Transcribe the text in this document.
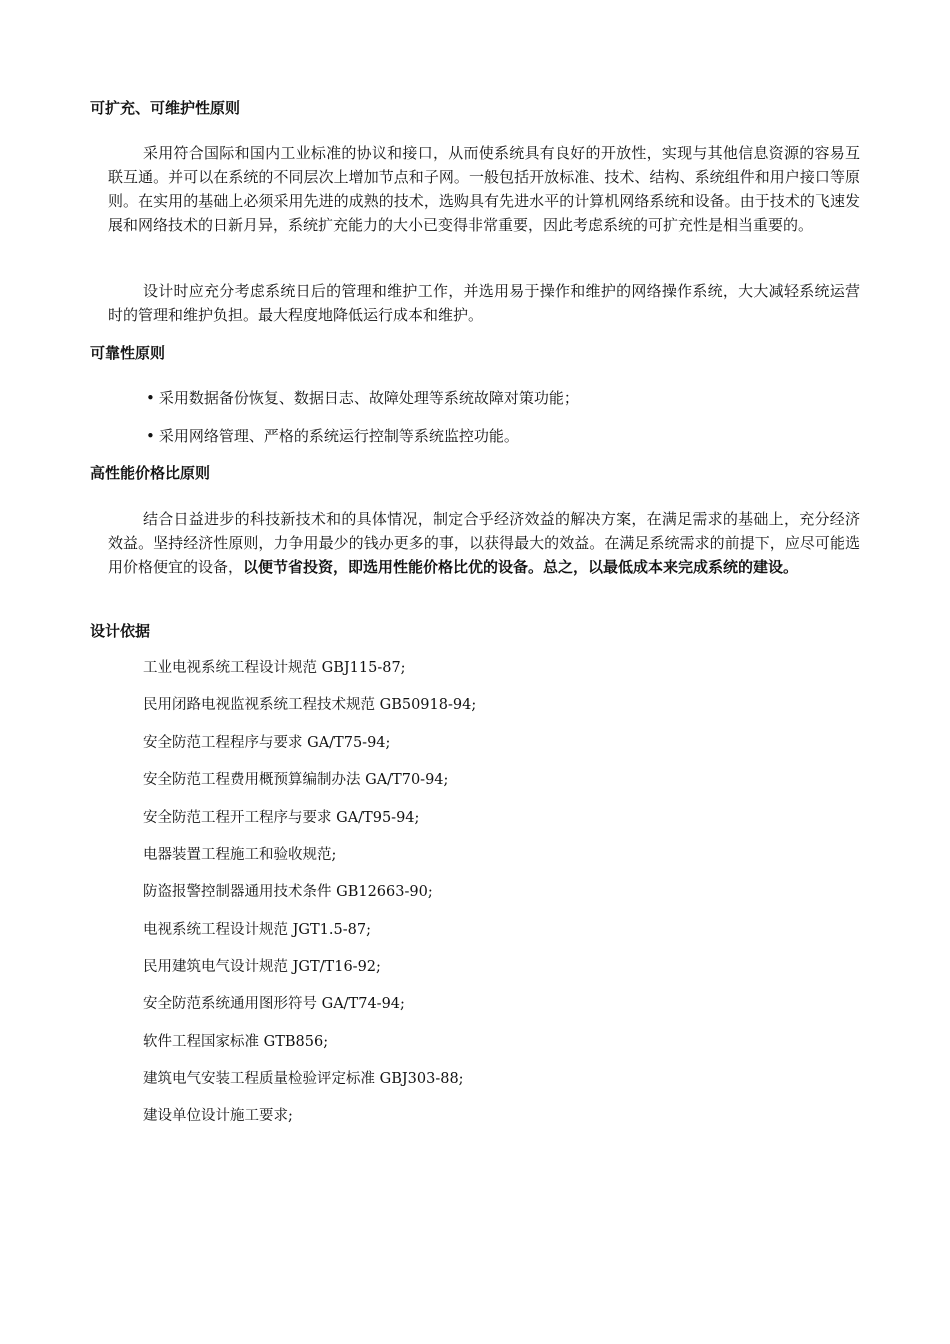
可扩充、可维护性原则
采用符合国际和国内工业标准的协议和接口，从而使系统具有良好的开放性，实现与其他信息资源的容易互联互通。并可以在系统的不同层次上增加节点和子网。一般包括开放标准、技术、结构、系统组件和用户接口等原则。在实用的基础上必须采用先进的成熟的技术，选购具有先进水平的计算机网络系统和设备。由于技术的飞速发展和网络技术的日新月异，系统扩充能力的大小已变得非常重要，因此考虑系统的可扩充性是相当重要的。
设计时应充分考虑系统日后的管理和维护工作，并选用易于操作和维护的网络操作系统，大大减轻系统运营时的管理和维护负担。最大程度地降低运行成本和维护。
可靠性原则
• 采用数据备份恢复、数据日志、故障处理等系统故障对策功能；
• 采用网络管理、严格的系统运行控制等系统监控功能。
高性能价格比原则
结合日益进步的科技新技术和的具体情况，制定合乎经济效益的解决方案，在满足需求的基础上，充分经济效益。坚持经济性原则，力争用最少的钱办更多的事，以获得最大的效益。在满足系统需求的前提下，应尽可能选用价格便宜的设备，以便节省投资，即选用性能价格比优的设备。总之，以最低成本来完成系统的建设。
设计依据
工业电视系统工程设计规范 GBJ115-87;
民用闭路电视监视系统工程技术规范 GB50918-94;
安全防范工程程序与要求 GA/T75-94;
安全防范工程费用概预算编制办法 GA/T70-94;
安全防范工程开工程序与要求 GA/T95-94;
电器装置工程施工和验收规范;
防盗报警控制器通用技术条件 GB12663-90;
电视系统工程设计规范 JGT1.5-87;
民用建筑电气设计规范 JGT/T16-92;
安全防范系统通用图形符号 GA/T74-94;
软件工程国家标准 GTB856;
建筑电气安装工程质量检验评定标准 GBJ303-88;
建设单位设计施工要求;
